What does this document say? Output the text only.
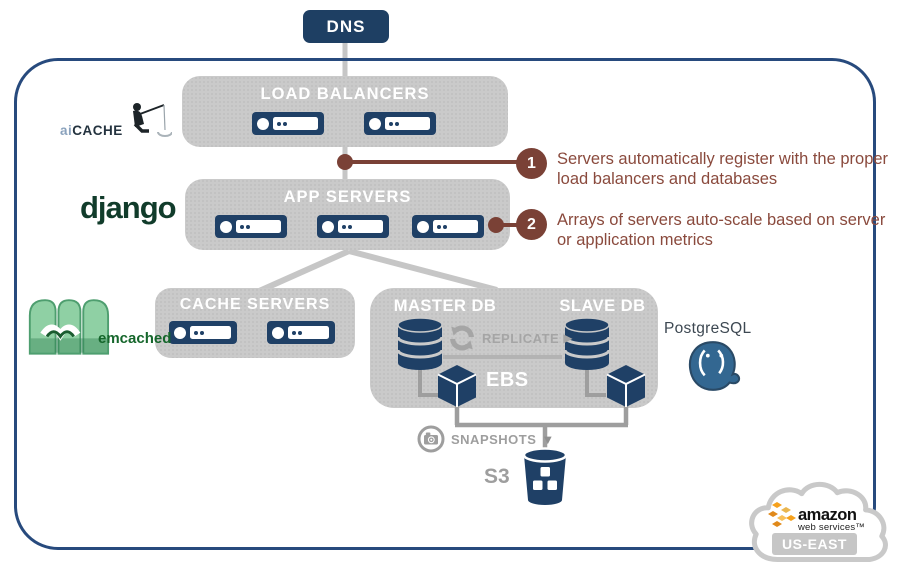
DNS
LOAD BALANCERS
APP SERVERS
CACHE SERVERS	MASTER DB	SLAVE DB
REPLICATE ▶
EBS
SNAPSHOTS ▼
S3
1 Servers automatically register with the proper load balancers and databases
2 Arrays of servers auto-scale based on server or application metrics
aiCACHE
django
emcached
PostgreSQL
amazon
web services™
US-EAST
